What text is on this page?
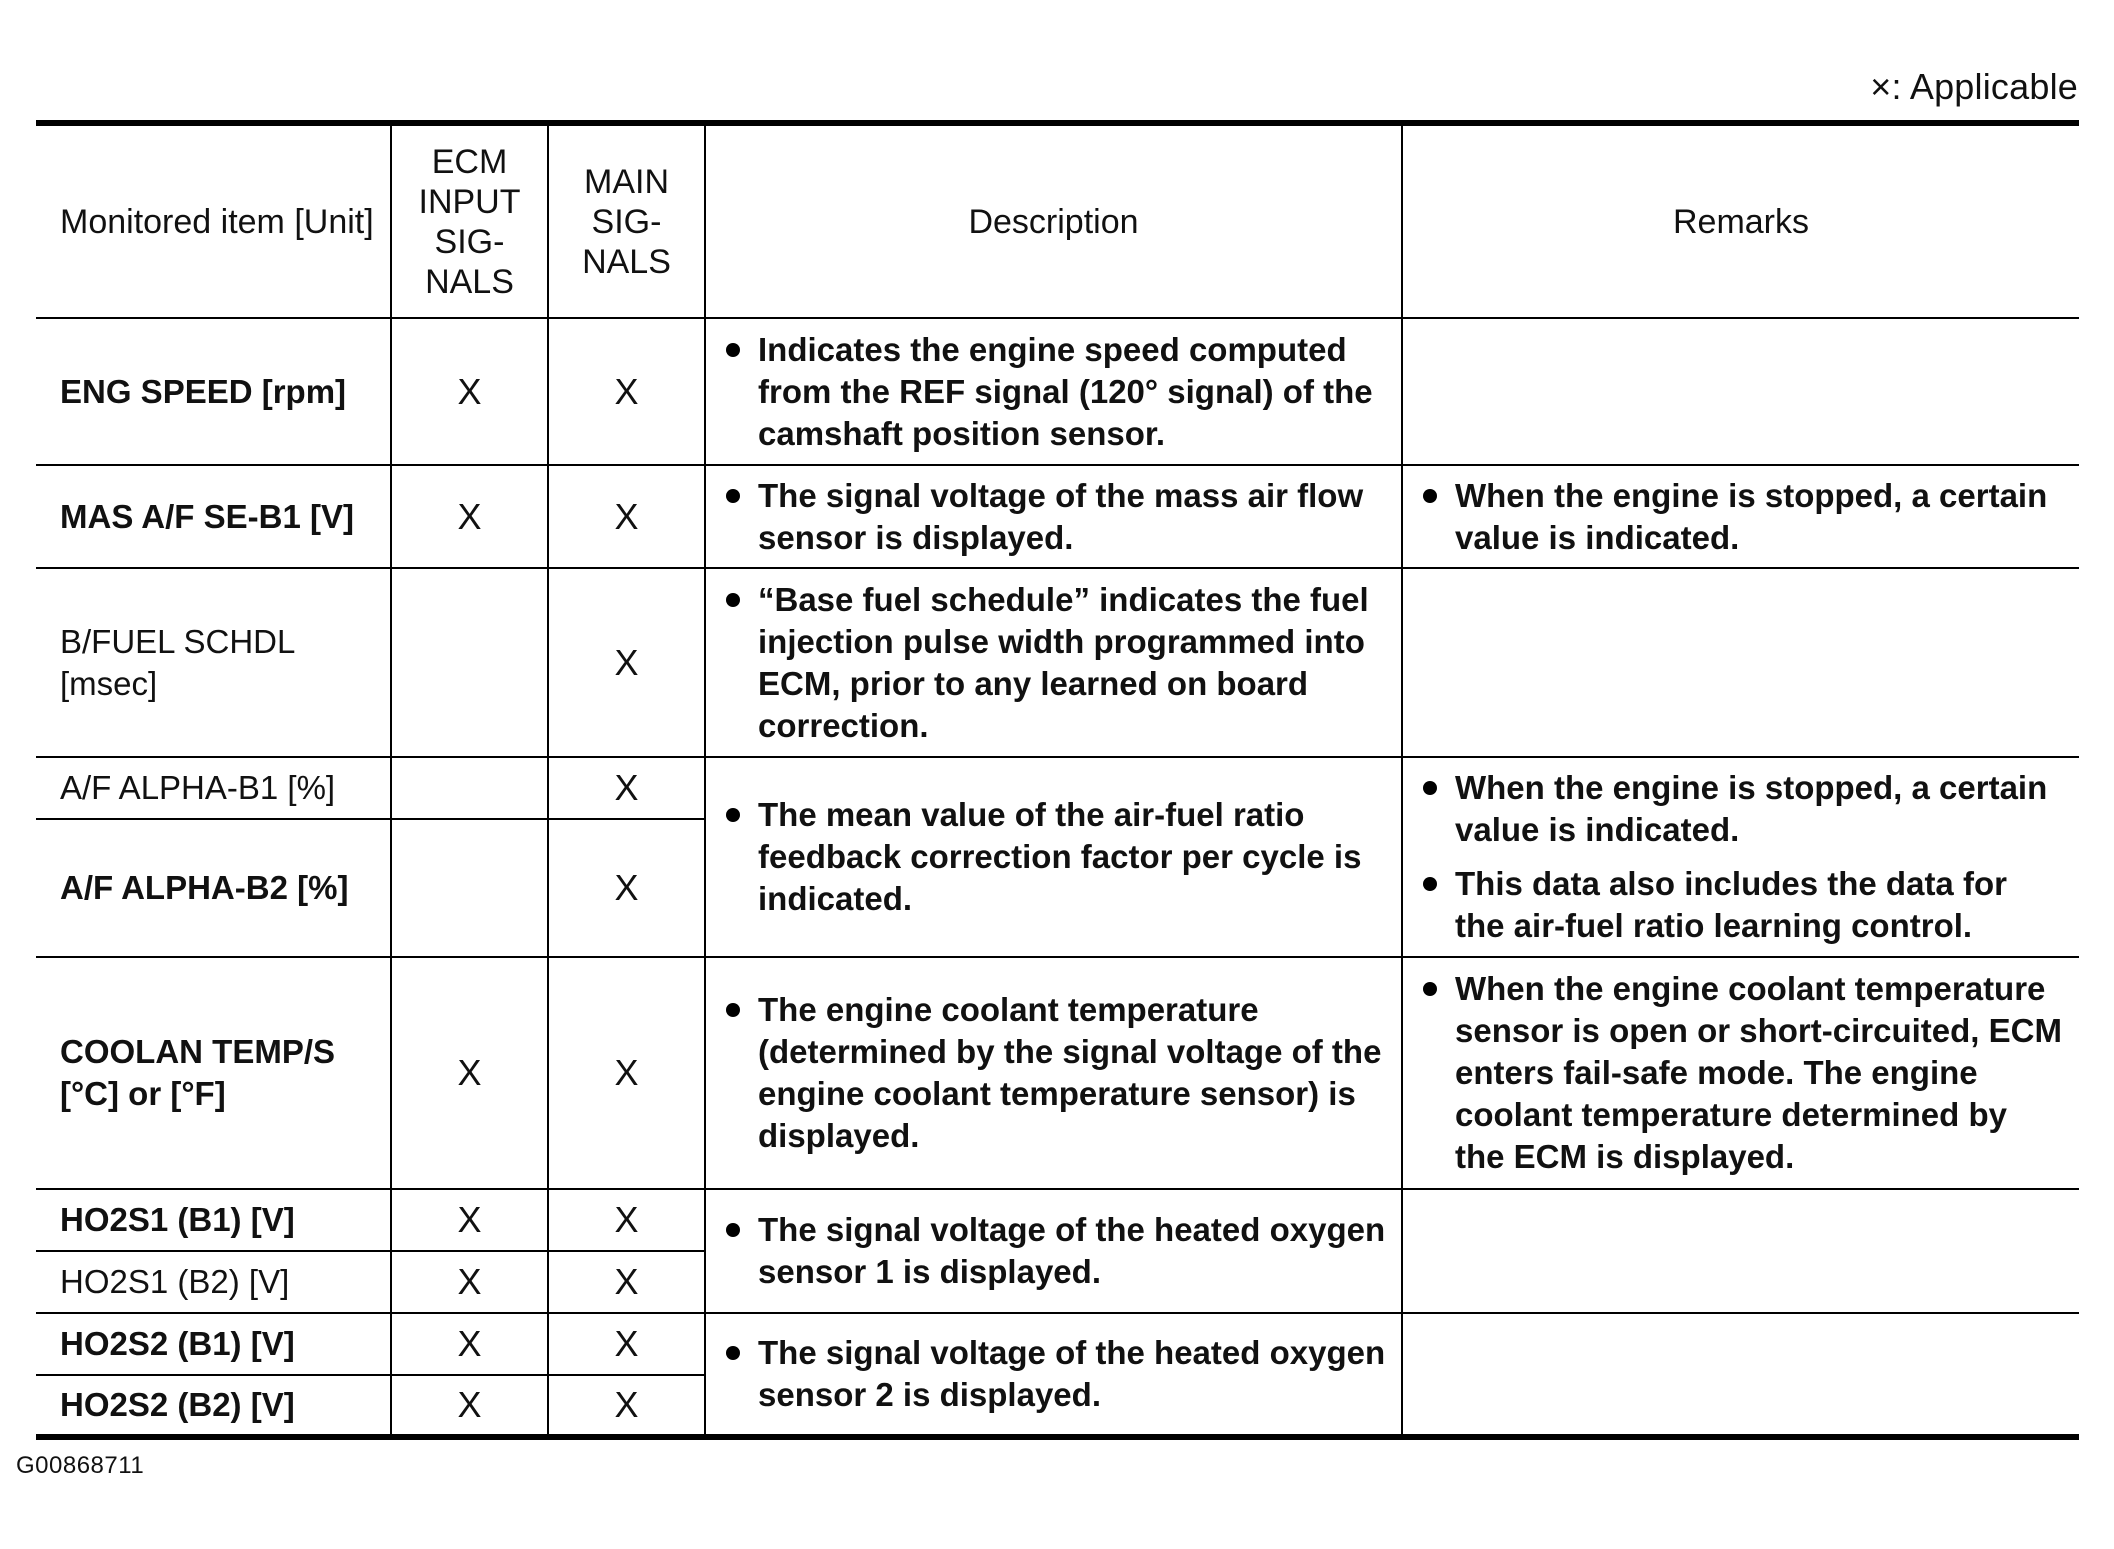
×: Applicable
Monitored item [Unit]	ECM
INPUT
SIG-
NALS	MAIN
SIG-
NALS	Description	Remarks
ENG SPEED [rpm]	X	X	Indicates the engine speed computed from the REF signal (120° signal) of the camshaft position sensor.	

MAS A/F SE-B1 [V]	X	X	The signal voltage of the mass air flow sensor is displayed.	When the engine is stopped, a certain value is indicated.

B/FUEL SCHDL [msec]		X	“Base fuel schedule” indicates the fuel injection pulse width programmed into ECM, prior to any learned on board correction.	

A/F ALPHA-B1 [%]		X	The mean value of the air-fuel ratio feedback correction factor per cycle is indicated.	When the engine is stopped, a certain value is indicated.
This data also includes the data for the air-fuel ratio learning control.

A/F ALPHA-B2 [%]		X		
COOLAN TEMP/S [°C] or [°F]	X	X	The engine coolant temperature (determined by the signal voltage of the engine coolant temperature sensor) is displayed.	When the engine coolant temperature sensor is open or short-circuited, ECM enters fail-safe mode. The engine coolant temperature determined by the ECM is displayed.

HO2S1 (B1) [V]	X	X	The signal voltage of the heated oxygen sensor 1 is displayed.	

HO2S1 (B2) [V]	X	X		
HO2S2 (B1) [V]	X	X	The signal voltage of the heated oxygen sensor 2 is displayed.	

HO2S2 (B2) [V]	X	X		
G00868711
